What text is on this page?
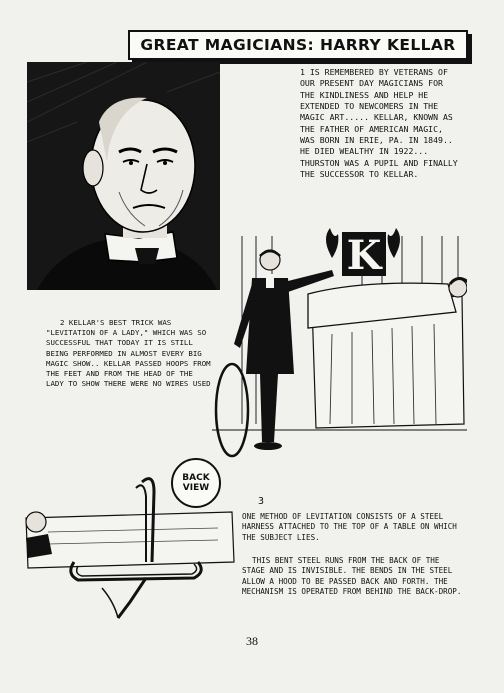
GREAT MAGICIANS: HARRY KELLAR
1 IS REMEMBERED BY VETERANS OF OUR PRESENT DAY MAGICIANS FOR THE KINDLINESS AND HELP HE EXTENDED TO NEWCOMERS IN THE MAGIC ART..... KELLAR, KNOWN AS THE FATHER OF AMERICAN MAGIC, WAS BORN IN ERIE, PA. IN 1849.. HE DIED WEALTHY IN 1922... THURSTON WAS A PUPIL AND FINALLY THE SUCCESSOR TO KELLAR.
K
2 KELLAR'S BEST TRICK WAS "LEVITATION OF A LADY," WHICH WAS SO SUCCESSFUL THAT TODAY IT IS STILL BEING PERFORMED IN ALMOST EVERY BIG MAGIC SHOW.. KELLAR PASSED HOOPS FROM THE FEET AND FROM THE HEAD OF THE LADY TO SHOW THERE WERE NO WIRES USED
BACK VIEW
3
ONE METHOD OF LEVITATION CONSISTS OF A STEEL HARNESS ATTACHED TO THE TOP OF A TABLE ON WHICH THE SUBJECT LIES.
THIS BENT STEEL RUNS FROM THE BACK OF THE STAGE AND IS INVISIBLE. THE BENDS IN THE STEEL ALLOW A HOOD TO BE PASSED BACK AND FORTH. THE MECHANISM IS OPERATED FROM BEHIND THE BACK-DROP.
38
